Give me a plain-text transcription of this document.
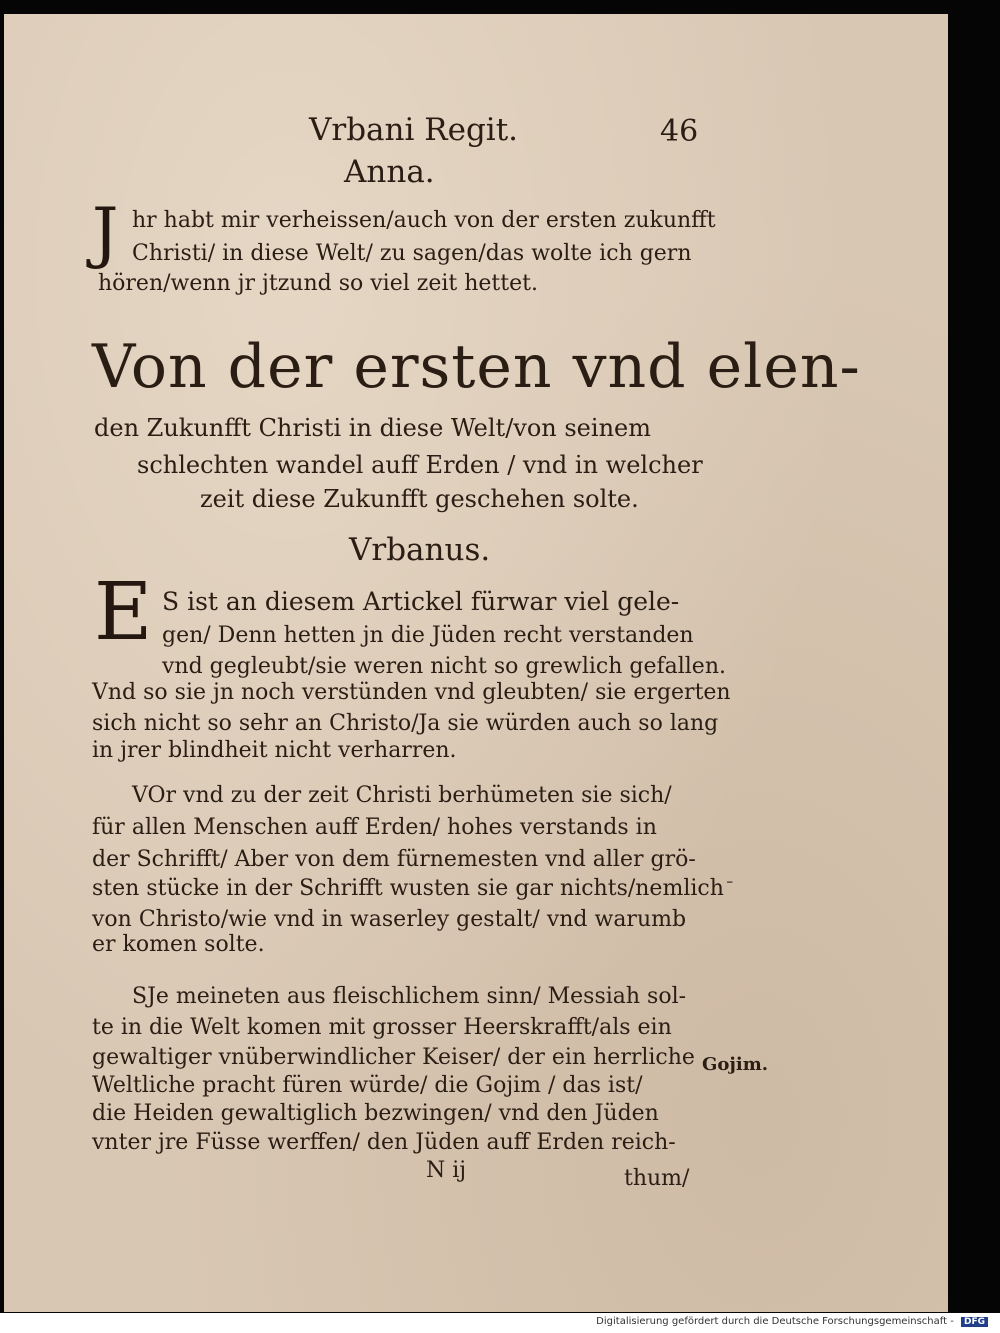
Vrbani Regit.	46
Anna.
J hr habt mir verheissen/auch von der ersten zukunfft
Christi/ in diese Welt/ zu sagen/das wolte ich gern
hören/wenn jr jtzund so viel zeit hettet.
Von der ersten vnd elen-
den Zukunfft Christi in diese Welt/von seinem
schlechten wandel auff Erden / vnd in welcher
zeit diese Zukunfft geschehen solte.
Vrbanus.
E S ist an diesem Artickel fürwar viel gele-
gen/ Denn hetten jn die Jüden recht verstanden
vnd gegleubt/sie weren nicht so grewlich gefallen.
Vnd so sie jn noch verstünden vnd gleubten/ sie ergerten
sich nicht so sehr an Christo/Ja sie würden auch so lang
in jrer blindheit nicht verharren.
VOr vnd zu der zeit Christi berhümeten sie sich/
für allen Menschen auff Erden/ hohes verstands in
der Schrifft/ Aber von dem fürnemesten vnd aller grö-
sten stücke in der Schrifft wusten sie gar nichts/nemlich
von Christo/wie vnd in waserley gestalt/ vnd warumb
er komen solte.
-
SJe meineten aus fleischlichem sinn/ Messiah sol-
te in die Welt komen mit grosser Heerskrafft/als ein
gewaltiger vnüberwindlicher Keiser/ der ein herrliche
Weltliche pracht füren würde/ die Gojim / das ist/
die Heiden gewaltiglich bezwingen/ vnd den Jüden
vnter jre Füsse werffen/ den Jüden auff Erden reich-
Gojim.
N ij	thum/
Digitalisierung gefördert durch die Deutsche Forschungsgemeinschaft - DFG
